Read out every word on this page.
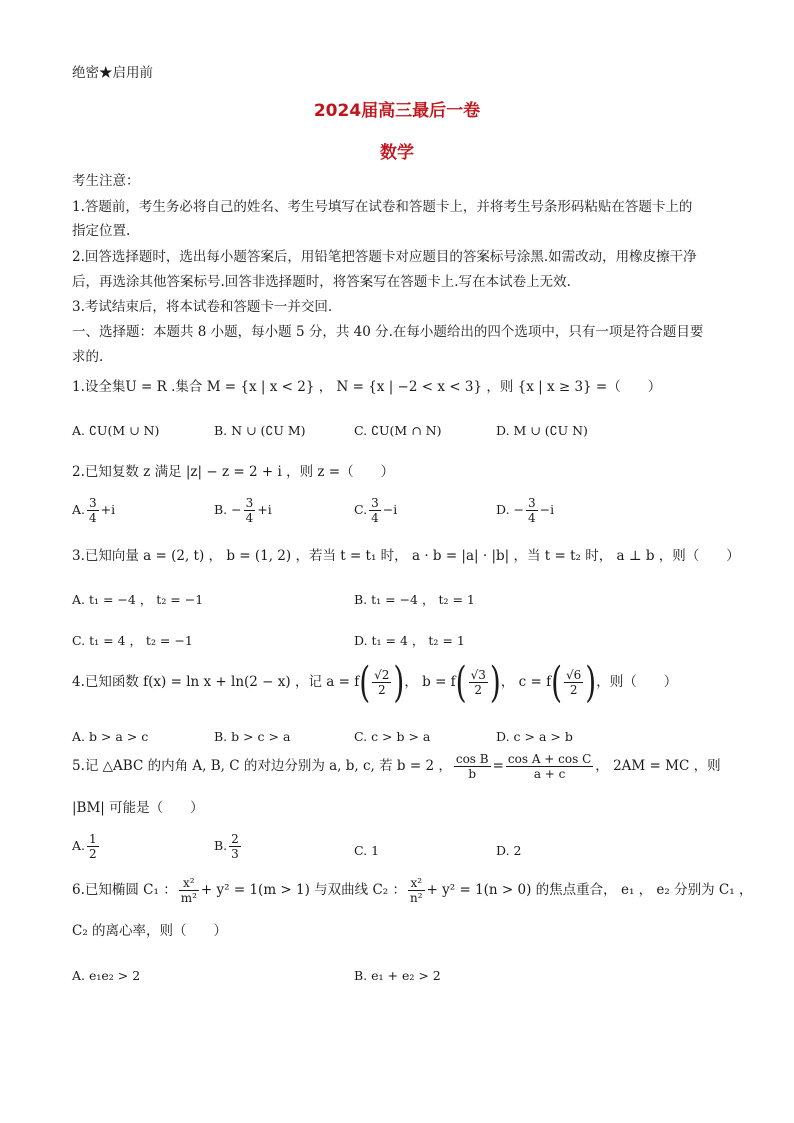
绝密★启用前
2024届高三最后一卷
数学
考生注意：
1.答题前，考生务必将自己的姓名、考生号填写在试卷和答题卡上，并将考生号条形码粘贴在答题卡上的
指定位置.
2.回答选择题时，选出每小题答案后，用铅笔把答题卡对应题目的答案标号涂黑.如需改动，用橡皮擦干净
后，再选涂其他答案标号.回答非选择题时，将答案写在答题卡上.写在本试卷上无效.
3.考试结束后，将本试卷和答题卡一并交回.
一、选择题：本题共 8 小题，每小题 5 分，共 40 分.在每小题给出的四个选项中，只有一项是符合题目要
求的.
1.设全集U = R .集合 M = {x | x < 2} ， N = {x | −2 < x < 3} ，则 {x | x ≥ 3} =（　　）
A. ∁U(M ∪ N)	B. N ∪ (∁U M)	C. ∁U(M ∩ N)	D. M ∪ (∁U N)
2.已知复数 z 满足 |z| − z = 2 + i ，则 z =（　　）
A. $\frac{3}{4} +i$	B. − $\frac{3}{4} +i$	C. $\frac{3}{4} -i$	D. − $\frac{3}{4} -i$
3.已知向量 a = (2, t) ， b = (1, 2) ，若当 t = t₁ 时， a · b = |a| · |b| ，当 t = t₂ 时， a ⊥ b ，则（　　）
A. t₁ = −4 ， t₂ = −1	B. t₁ = −4 ， t₂ = 1
C. t₁ = 4 ， t₂ = −1	D. t₁ = 4 ， t₂ = 1
4.已知函数 f(x) = ln x + ln(2 − x) ，记 $a = f( \frac{√2}{2}$ )， $b = f( \frac{√3}{2}$ )， $c = f( \frac{√6}{2}$ )，则（　　）
A. b > a > c	B. b > c > a	C. c > b > a	D. c > a > b
5.记 △ABC 的内角 A, B, C 的对边分别为 a, b, c, 若 b = 2 ， $\frac{\text{cos B}}{b} = \frac{\text{cos A + cos C}}{a + c}$ ， 2AM = MC ，则
|BM| 可能是（　　）
A. $\frac{1}{2}$	B. $\frac{2}{3}$	C. 1	D. 2
6.已知椭圆 C₁ ： $\frac{\text{x²}}{\text{m²}} + y^2 = 1(m > 1)$ 与双曲线 C₂ ： $\frac{\text{x²}}{\text{n²}} + y^2 = 1(n > 0)$ 的焦点重合， e₁ ， e₂ 分别为 C₁ ，
C₂ 的离心率，则（　　）
A. e₁e₂ > 2	B. e₁ + e₂ > 2
